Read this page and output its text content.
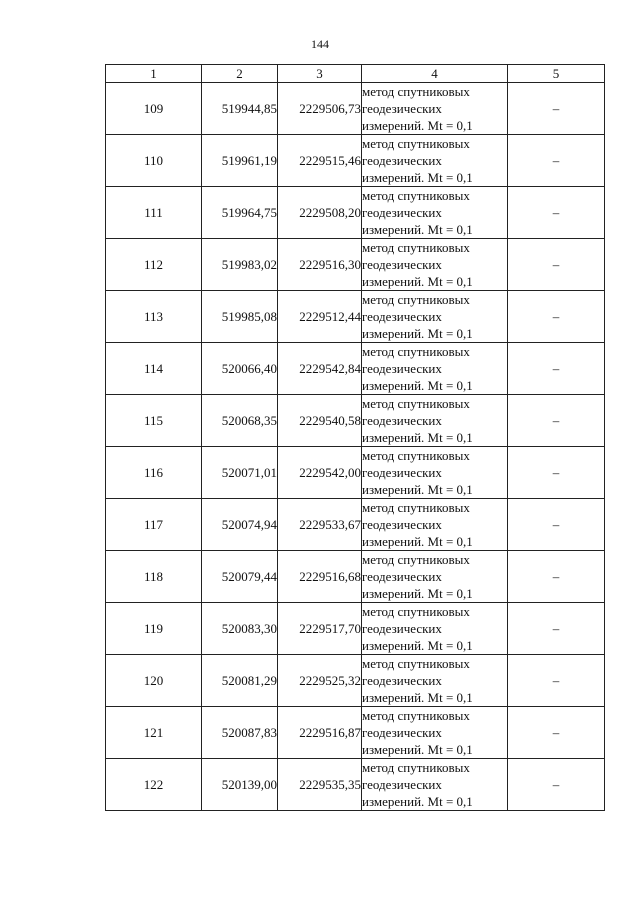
144
1	2	3	4	5
109	519944,85	2229506,73	метод спутниковых
геодезических
измерений. Mt = 0,1	–
110	519961,19	2229515,46	метод спутниковых
геодезических
измерений. Mt = 0,1	–
111	519964,75	2229508,20	метод спутниковых
геодезических
измерений. Mt = 0,1	–
112	519983,02	2229516,30	метод спутниковых
геодезических
измерений. Mt = 0,1	–
113	519985,08	2229512,44	метод спутниковых
геодезических
измерений. Mt = 0,1	–
114	520066,40	2229542,84	метод спутниковых
геодезических
измерений. Mt = 0,1	–
115	520068,35	2229540,58	метод спутниковых
геодезических
измерений. Mt = 0,1	–
116	520071,01	2229542,00	метод спутниковых
геодезических
измерений. Mt = 0,1	–
117	520074,94	2229533,67	метод спутниковых
геодезических
измерений. Mt = 0,1	–
118	520079,44	2229516,68	метод спутниковых
геодезических
измерений. Mt = 0,1	–
119	520083,30	2229517,70	метод спутниковых
геодезических
измерений. Mt = 0,1	–
120	520081,29	2229525,32	метод спутниковых
геодезических
измерений. Mt = 0,1	–
121	520087,83	2229516,87	метод спутниковых
геодезических
измерений. Mt = 0,1	–
122	520139,00	2229535,35	метод спутниковых
геодезических
измерений. Mt = 0,1	–
